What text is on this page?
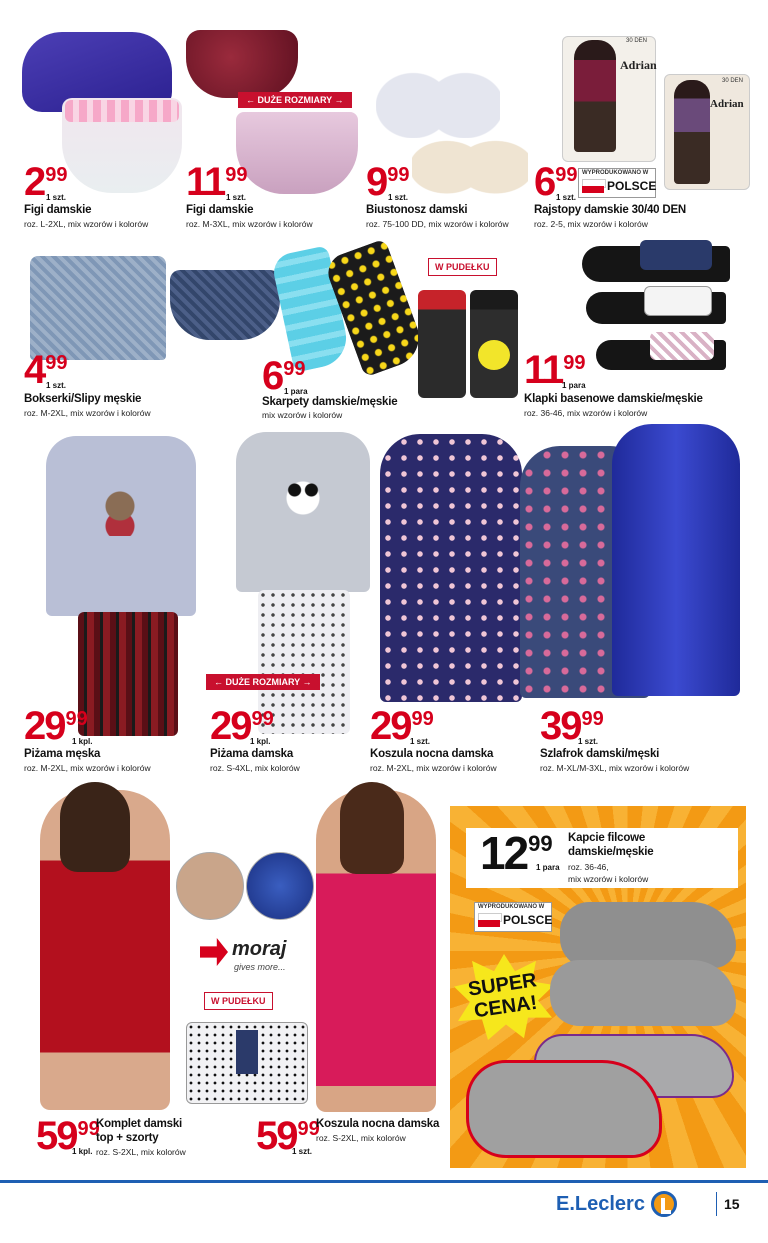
← DUŻE ROZMIARY →
Adrian
30 DEN
Adrian
30 DEN
WYPRODUKOWANO W
POLSCE
2 99
1 szt.
Figi damskie
roz. L-2XL, mix wzorów i kolorów
11 99
1 szt.
Figi damskie
roz. M-3XL, mix wzorów i kolorów
9 99
1 szt.
Biustonosz damski
roz. 75-100 DD, mix wzorów i kolorów
6 99
1 szt.
Rajstopy damskie 30/40 DEN
roz. 2-5, mix wzorów i kolorów
W PUDEŁKU
4 99
1 szt.
Bokserki/Slipy męskie
roz. M-2XL, mix wzorów i kolorów
6 99
1 para
Skarpety damskie/męskie
mix wzorów i kolorów
11 99
1 para
Klapki basenowe damskie/męskie
roz. 36-46, mix wzorów i kolorów
← DUŻE ROZMIARY →
29 99
1 kpl.
Piżama męska
roz. M-2XL, mix wzorów i kolorów
29 99
1 kpl.
Piżama damska
roz. S-4XL, mix kolorów
29 99
1 szt.
Koszula nocna damska
roz. M-2XL, mix wzorów i kolorów
39 99
1 szt.
Szlafrok damski/męski
roz. M-XL/M-3XL, mix wzorów i kolorów
moraj
gives more...
W PUDEŁKU
59 99
1 kpl.
Komplet damski
top + szorty
roz. S-2XL, mix kolorów 59 99
1 szt.
Koszula nocna damska
roz. S-2XL, mix kolorów
12 99
1 para
Kapcie filcowe
damskie/męskie
roz. 36-46,
mix wzorów i kolorów
WYPRODUKOWANO W
POLSCE
SUPER
CENA!
E.Leclerc	15
